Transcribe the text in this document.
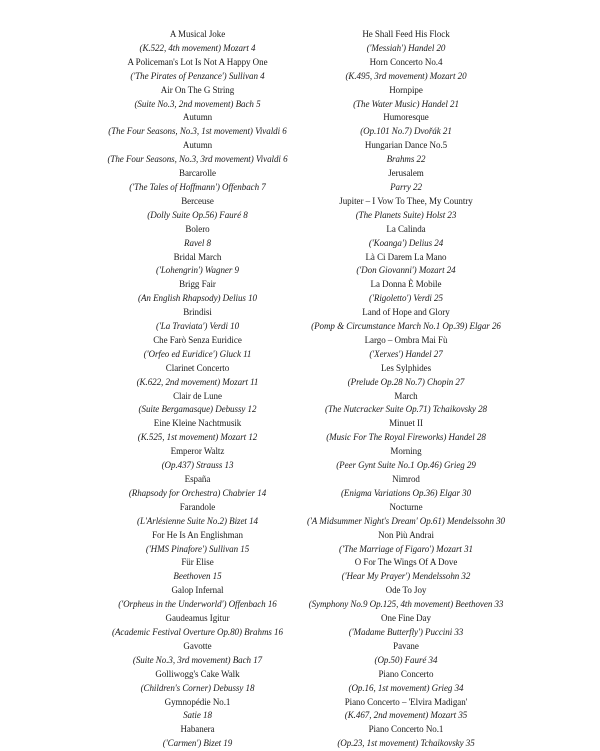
A Musical Joke
(K.522, 4th movement) Mozart 4
A Policeman's Lot Is Not A Happy One
('The Pirates of Penzance') Sullivan 4
Air On The G String
(Suite No.3, 2nd movement) Bach 5
Autumn
(The Four Seasons, No.3, 1st movement) Vivaldi 6
Autumn
(The Four Seasons, No.3, 3rd movement) Vivaldi 6
Barcarolle
('The Tales of Hoffmann') Offenbach 7
Berceuse
(Dolly Suite Op.56) Fauré 8
Bolero
Ravel 8
Bridal March
('Lohengrin') Wagner 9
Brigg Fair
(An English Rhapsody) Delius 10
Brindisi
('La Traviata') Verdi 10
Che Farò Senza Euridice
('Orfeo ed Euridice') Gluck 11
Clarinet Concerto
(K.622, 2nd movement) Mozart 11
Clair de Lune
(Suite Bergamasque) Debussy 12
Eine Kleine Nachtmusik
(K.525, 1st movement) Mozart 12
Emperor Waltz
(Op.437) Strauss 13
España
(Rhapsody for Orchestra) Chabrier 14
Farandole
(L'Arlésienne Suite No.2) Bizet 14
For He Is An Englishman
('HMS Pinafore') Sullivan 15
Für Elise
Beethoven 15
Galop Infernal
('Orpheus in the Underworld') Offenbach 16
Gaudeamus Igitur
(Academic Festival Overture Op.80) Brahms 16
Gavotte
(Suite No.3, 3rd movement) Bach 17
Golliwogg's Cake Walk
(Children's Corner) Debussy 18
Gymnopédie No.1
Satie 18
Habanera
('Carmen') Bizet 19
He Shall Feed His Flock
('Messiah') Handel 20
Horn Concerto No.4
(K.495, 3rd movement) Mozart 20
Hornpipe
(The Water Music) Handel 21
Humoresque
(Op.101 No.7) Dvořák 21
Hungarian Dance No.5
Brahms 22
Jerusalem
Parry 22
Jupiter – I Vow To Thee, My Country
(The Planets Suite) Holst 23
La Calinda
('Koanga') Delius 24
Là Ci Darem La Mano
('Don Giovanni') Mozart 24
La Donna È Mobile
('Rigoletto') Verdi 25
Land of Hope and Glory
(Pomp & Circumstance March No.1 Op.39) Elgar 26
Largo – Ombra Mai Fù
('Xerxes') Handel 27
Les Sylphides
(Prelude Op.28 No.7) Chopin 27
March
(The Nutcracker Suite Op.71) Tchaikovsky 28
Minuet II
(Music For The Royal Fireworks) Handel 28
Morning
(Peer Gynt Suite No.1 Op.46) Grieg 29
Nimrod
(Enigma Variations Op.36) Elgar 30
Nocturne
('A Midsummer Night's Dream' Op.61) Mendelssohn 30
Non Più Andrai
('The Marriage of Figaro') Mozart 31
O For The Wings Of A Dove
('Hear My Prayer') Mendelssohn 32
Ode To Joy
(Symphony No.9 Op.125, 4th movement) Beethoven 33
One Fine Day
('Madame Butterfly') Puccini 33
Pavane
(Op.50) Fauré 34
Piano Concerto
(Op.16, 1st movement) Grieg 34
Piano Concerto – 'Elvira Madigan'
(K.467, 2nd movement) Mozart 35
Piano Concerto No.1
(Op.23, 1st movement) Tchaikovsky 35
